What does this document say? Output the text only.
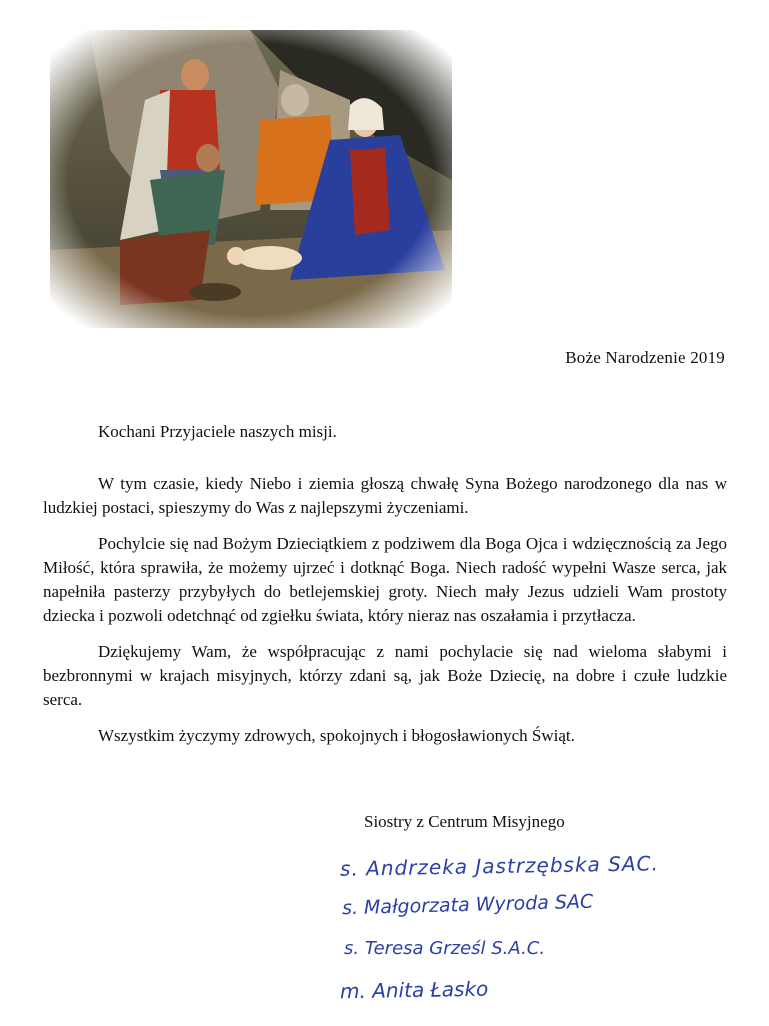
Boże Narodzenie 2019
Kochani Przyjaciele naszych misji.

W tym czasie, kiedy Niebo i ziemia głoszą chwałę Syna Bożego narodzonego dla nas w ludzkiej postaci, spieszymy do Was z najlepszymi życzeniami.

Pochylcie się nad Bożym Dzieciątkiem z podziwem dla Boga Ojca i wdzięcznością za Jego Miłość, która sprawiła, że możemy ujrzeć i dotknąć Boga. Niech radość wypełni Wasze serca, jak napełniła pasterzy przybyłych do betlejemskiej groty. Niech mały Jezus udzieli Wam prostoty dziecka i pozwoli odetchnąć od zgiełku świata, który nieraz nas oszałamia i przytłacza.

Dziękujemy Wam, że współpracując z nami pochylacie się nad wieloma słabymi i bezbronnymi w krajach misyjnych, którzy zdani są, jak Boże Dziecię, na dobre i czułe ludzkie serca.

Wszystkim życzymy zdrowych, spokojnych i błogosławionych Świąt.

Siostry z Centrum Misyjnego
s. Andrzeka Jastrzębska SAC.
s. Małgorzata Wyroda SAC
s. Teresa Grześl S.A.C.
m. Anita Łasko
